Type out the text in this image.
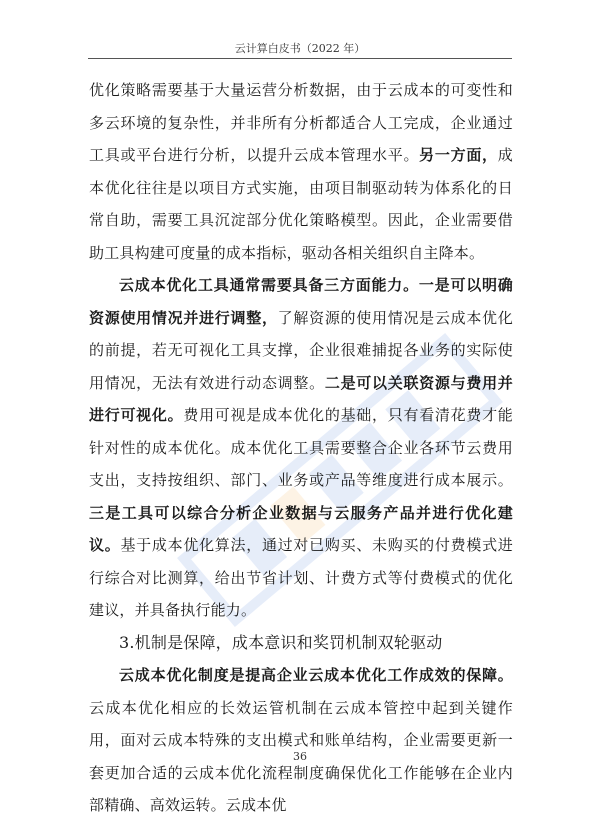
云计算白皮书（2022 年）

优化策略需要基于大量运营分析数据，由于云成本的可变性和多云环境的复杂性，并非所有分析都适合人工完成，企业通过工具或平台进行分析，以提升云成本管理水平。另一方面，成本优化往往是以项目方式实施，由项目制驱动转为体系化的日常自助，需要工具沉淀部分优化策略模型。因此，企业需要借助工具构建可度量的成本指标，驱动各相关组织自主降本。

云成本优化工具通常需要具备三方面能力。一是可以明确资源使用情况并进行调整，了解资源的使用情况是云成本优化的前提，若无可视化工具支撑，企业很难捕捉各业务的实际使用情况，无法有效进行动态调整。二是可以关联资源与费用并进行可视化。费用可视是成本优化的基础，只有看清花费才能针对性的成本优化。成本优化工具需要整合企业各环节云费用支出，支持按组织、部门、业务或产品等维度进行成本展示。三是工具可以综合分析企业数据与云服务产品并进行优化建议。基于成本优化算法，通过对已购买、未购买的付费模式进行综合对比测算，给出节省计划、计费方式等付费模式的优化建议，并具备执行能力。

3.机制是保障，成本意识和奖罚机制双轮驱动

云成本优化制度是提高企业云成本优化工作成效的保障。云成本优化相应的长效运管机制在云成本管控中起到关键作用，面对云成本特殊的支出模式和账单结构，企业需要更新一套更加合适的云成本优化流程制度确保优化工作能够在企业内部精确、高效运转。云成本优

36
